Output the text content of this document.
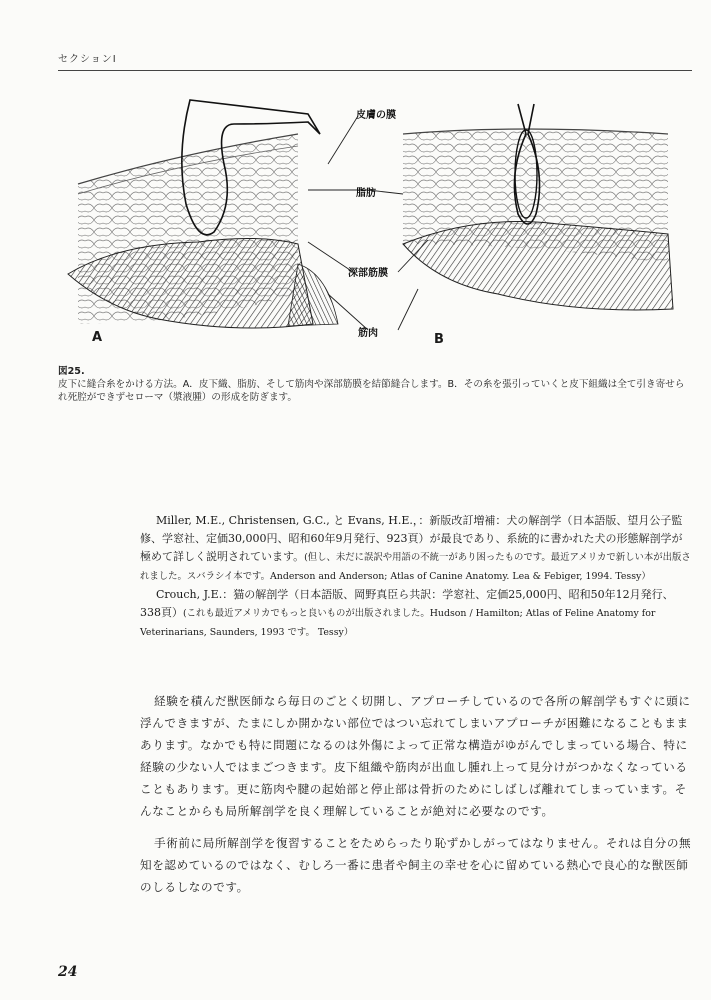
セクションⅠ
皮膚の膜
脂肪
深部筋膜
筋肉
A	B
図25.
皮下に縫合糸をかける方法。A．皮下織、脂肪、そして筋肉や深部筋膜を結節縫合します。B．その糸を張引っていくと皮下組織は全て引き寄せられ死腔ができずセローマ（漿液腫）の形成を防ぎます。

Miller, M.E., Christensen, G.C., と Evans, H.E.，：新版改訂増補：犬の解剖学（日本語版、望月公子監修、学窓社、定価30,000円、昭和60年9月発行、923頁）が最良であり、系統的に書かれた犬の形態解剖学が極めて詳しく説明されています。(但し、未だに誤訳や用語の不統一があり困ったものです。最近アメリカで新しい本が出版されました。スバラシイ本です。Anderson and Anderson; Atlas of Canine Anatomy. Lea & Febiger, 1994. Tessy）

Crouch, J.E.：猫の解剖学（日本語版、岡野真臣ら共訳：学窓社、定価25,000円、昭和50年12月発行、338頁）(これも最近アメリカでもっと良いものが出版されました。Hudson / Hamilton; Atlas of Feline Anatomy for Veterinarians, Saunders, 1993 です。 Tessy）

経験を積んだ獣医師なら毎日のごとく切開し、アプローチしているので各所の解剖学もすぐに頭に浮んできますが、たまにしか開かない部位ではつい忘れてしまいアプローチが困難になることもままあります。なかでも特に問題になるのは外傷によって正常な構造がゆがんでしまっている場合、特に経験の少ない人ではまごつきます。皮下組織や筋肉が出血し腫れ上って見分けがつかなくなっていることもあります。更に筋肉や腱の起始部と停止部は骨折のためにしばしば離れてしまっています。そんなことからも局所解剖学を良く理解していることが絶対に必要なのです。

手術前に局所解剖学を復習することをためらったり恥ずかしがってはなりません。それは自分の無知を認めているのではなく、むしろ一番に患者や飼主の幸せを心に留めている熱心で良心的な獣医師のしるしなのです。

24
